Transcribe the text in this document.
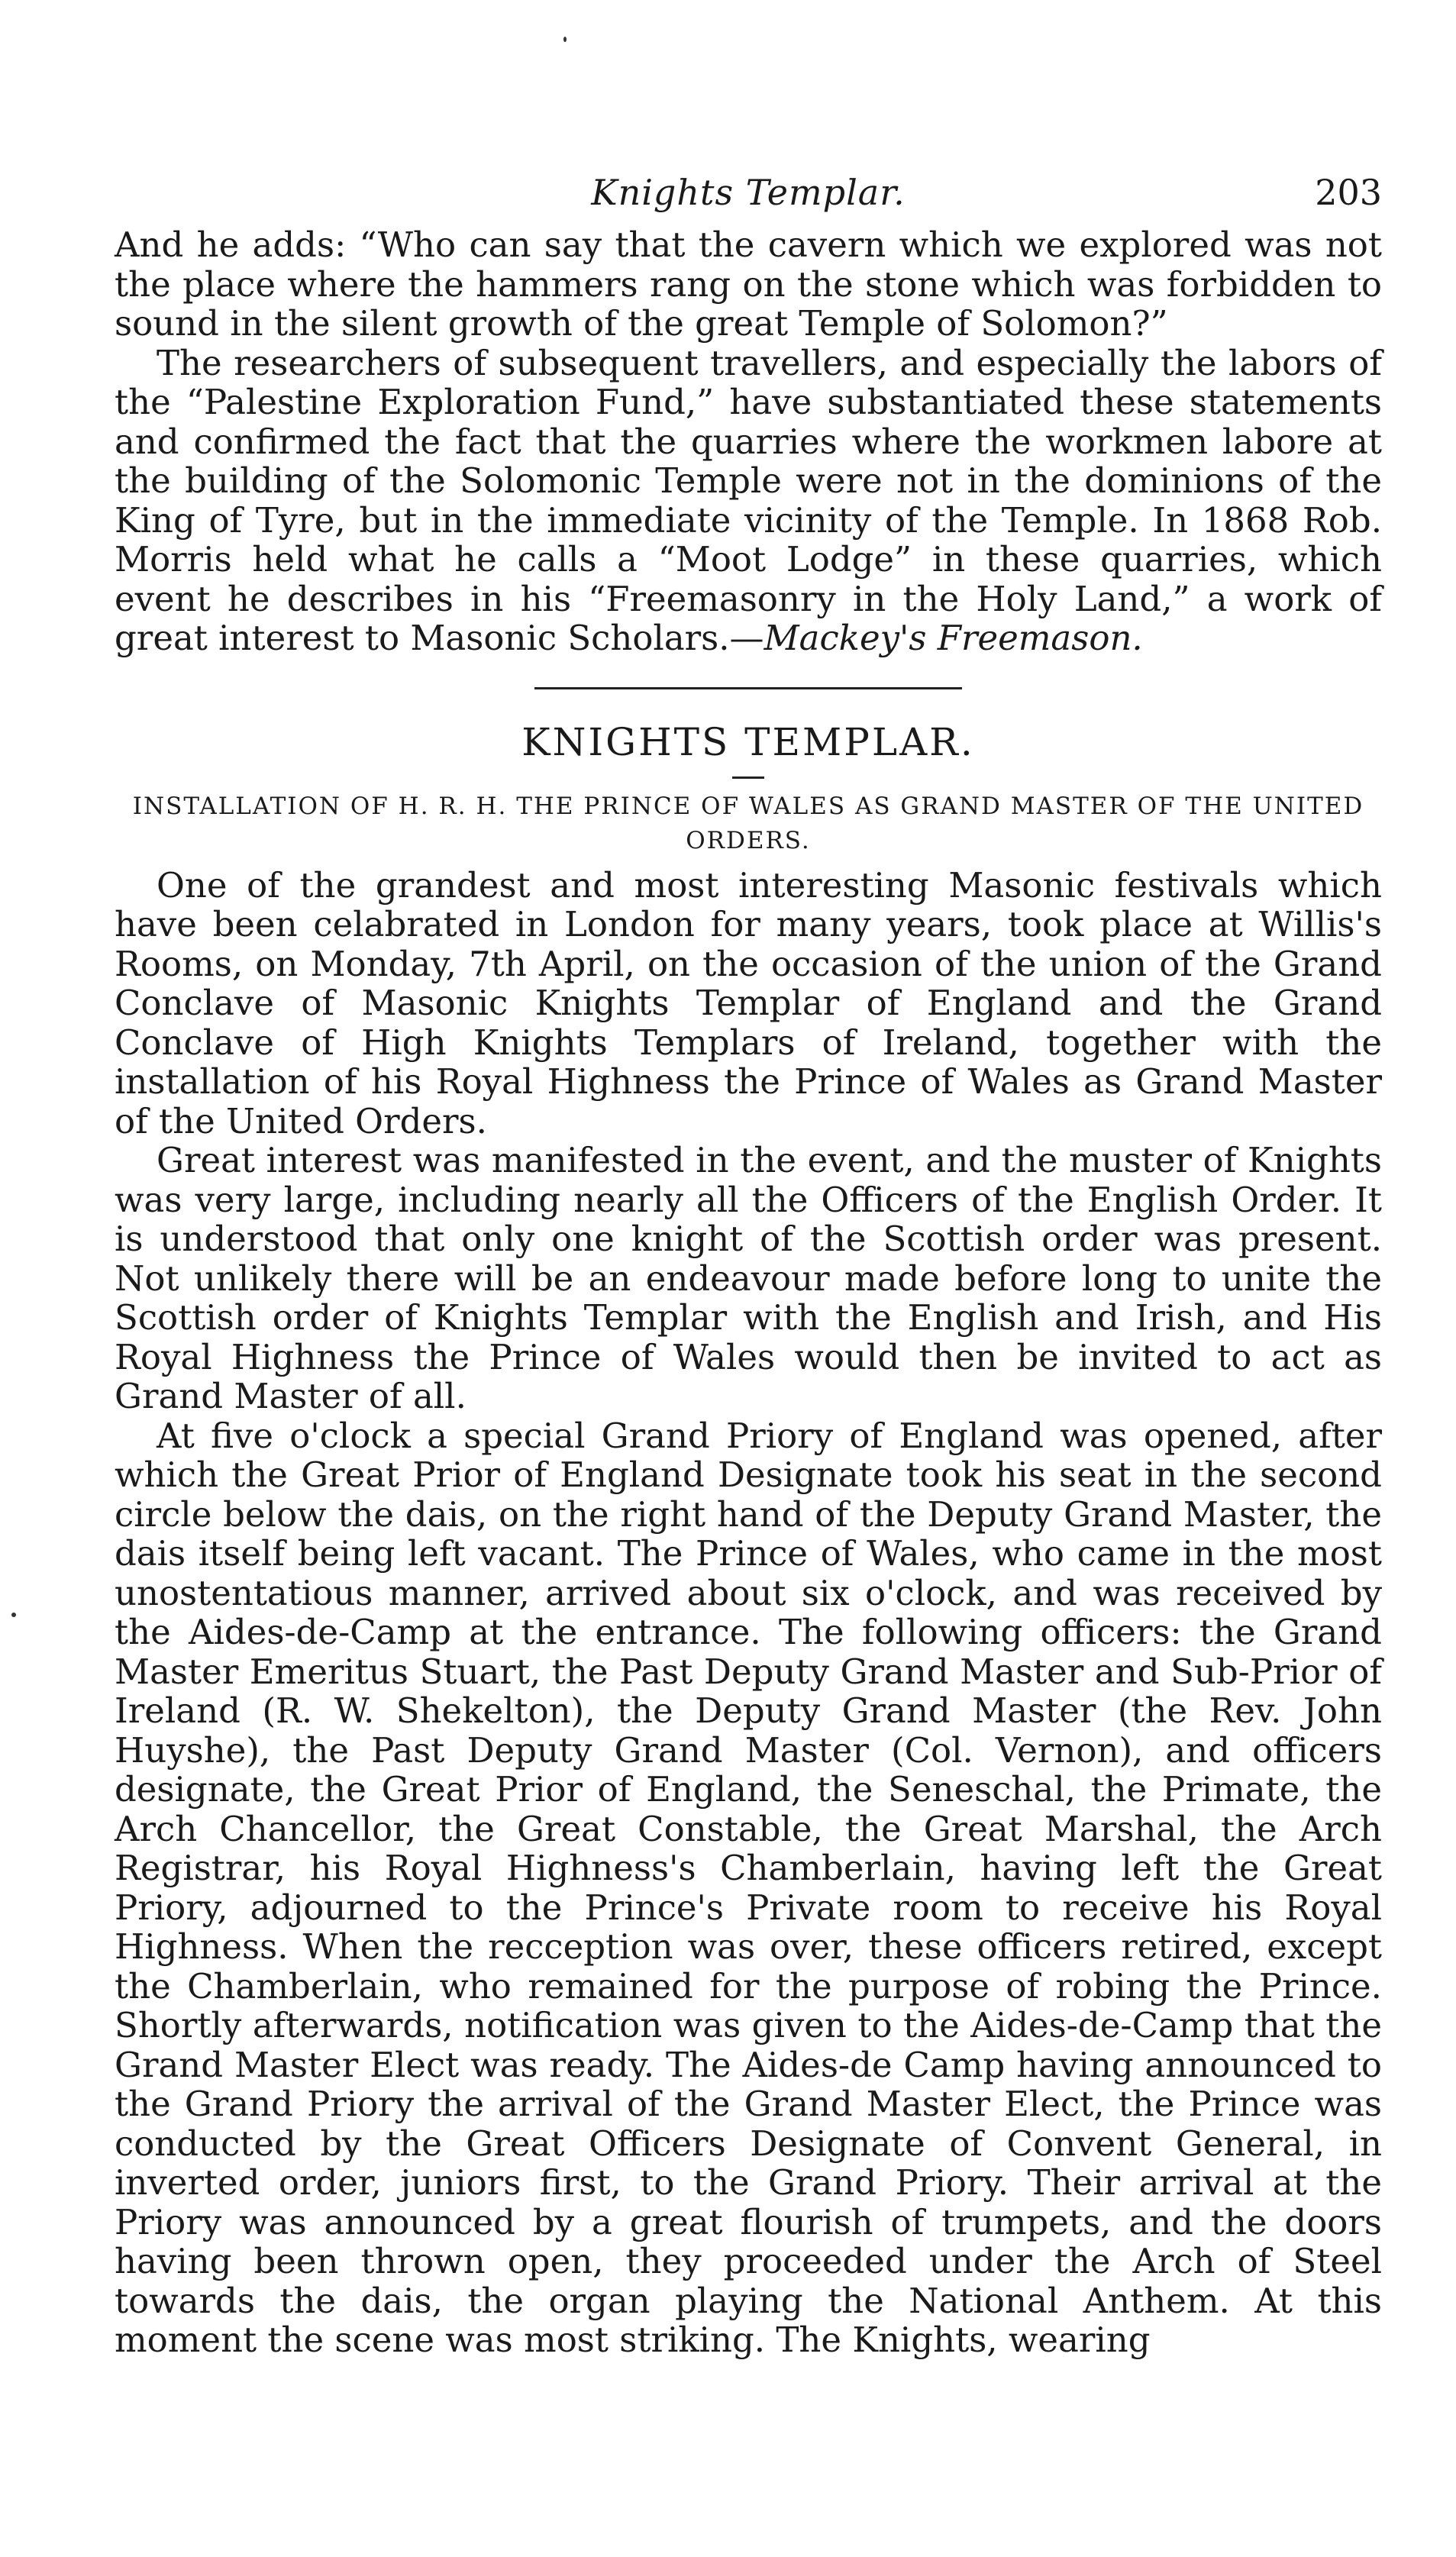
Knights Templar.	203

And he adds: “Who can say that the cavern which we explored was not the place where the hammers rang on the stone which was forbidden to sound in the silent growth of the great Temple of Solomon?”

The researchers of subsequent travellers, and especially the labors of the “Palestine Exploration Fund,” have substantiated these statements and confirmed the fact that the quarries where the workmen labore at the building of the Solomonic Temple were not in the dominions of the King of Tyre, but in the immediate vicinity of the Temple. In 1868 Rob. Morris held what he calls a “Moot Lodge” in these quarries, which event he describes in his “Freemasonry in the Holy Land,” a work of great interest to Masonic Scholars.—Mackey's Freemason.

KNIGHTS TEMPLAR.

INSTALLATION OF H. R. H. THE PRINCE OF WALES AS GRAND MASTER OF THE UNITED ORDERS.

One of the grandest and most interesting Masonic festivals which have been celabrated in London for many years, took place at Willis's Rooms, on Monday, 7th April, on the occasion of the union of the Grand Conclave of Masonic Knights Templar of England and the Grand Conclave of High Knights Templars of Ireland, together with the installation of his Royal Highness the Prince of Wales as Grand Master of the United Orders.

Great interest was manifested in the event, and the muster of Knights was very large, including nearly all the Officers of the English Order. It is understood that only one knight of the Scottish order was present. Not unlikely there will be an endeavour made before long to unite the Scottish order of Knights Templar with the English and Irish, and His Royal Highness the Prince of Wales would then be invited to act as Grand Master of all.

At five o'clock a special Grand Priory of England was opened, after which the Great Prior of England Designate took his seat in the second circle below the dais, on the right hand of the Deputy Grand Master, the dais itself being left vacant. The Prince of Wales, who came in the most unostentatious manner, arrived about six o'clock, and was received by the Aides-de-Camp at the entrance. The following officers: the Grand Master Emeritus Stuart, the Past Deputy Grand Master and Sub-Prior of Ireland (R. W. Shekelton), the Deputy Grand Master (the Rev. John Huyshe), the Past Deputy Grand Master (Col. Vernon), and officers designate, the Great Prior of England, the Seneschal, the Primate, the Arch Chancellor, the Great Constable, the Great Marshal, the Arch Registrar, his Royal Highness's Chamberlain, having left the Great Priory, adjourned to the Prince's Private room to receive his Royal Highness. When the recception was over, these officers retired, except the Chamberlain, who remained for the purpose of robing the Prince. Shortly afterwards, notification was given to the Aides-de-Camp that the Grand Master Elect was ready. The Aides-de Camp having announced to the Grand Priory the arrival of the Grand Master Elect, the Prince was conducted by the Great Officers Designate of Convent General, in inverted order, juniors first, to the Grand Priory. Their arrival at the Priory was announced by a great flourish of trumpets, and the doors having been thrown open, they proceeded under the Arch of Steel towards the dais, the organ playing the National Anthem. At this moment the scene was most striking. The Knights, wearing
